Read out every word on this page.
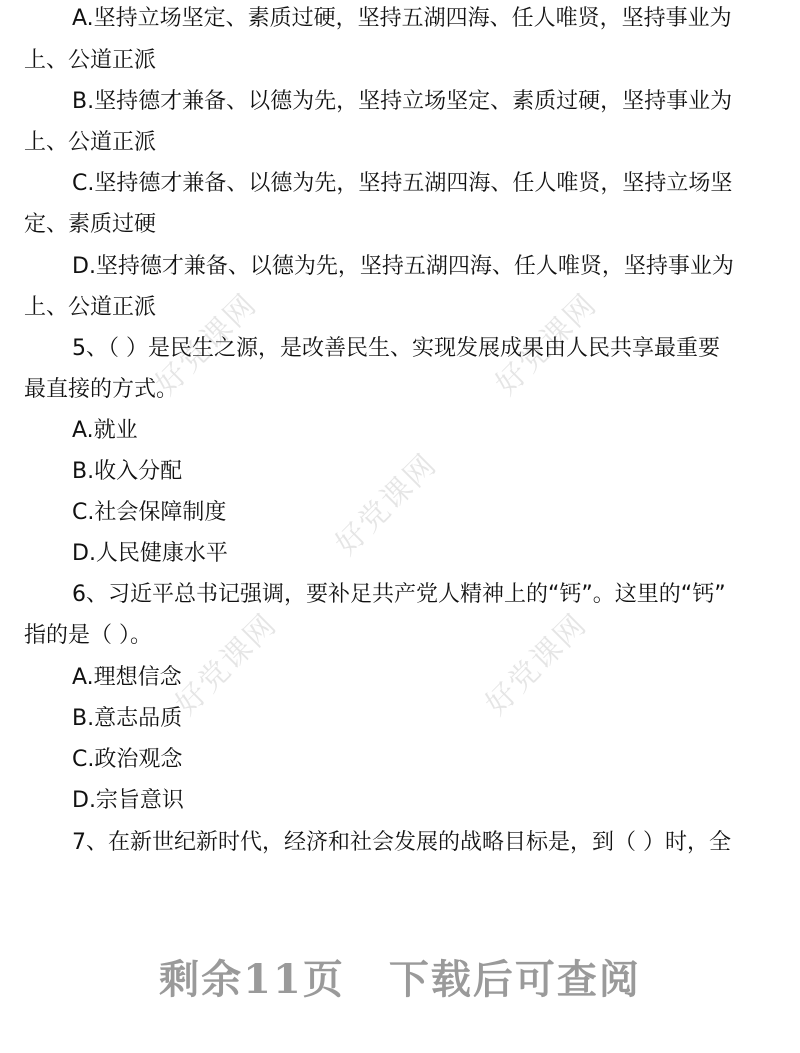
好党课网	好党课网
好党课网
好党课网	好党课网
A.坚持立场坚定、素质过硬，坚持五湖四海、任人唯贤，坚持事业为
上、公道正派
B.坚持德才兼备、以德为先，坚持立场坚定、素质过硬，坚持事业为
上、公道正派
C.坚持德才兼备、以德为先，坚持五湖四海、任人唯贤，坚持立场坚
定、素质过硬
D.坚持德才兼备、以德为先，坚持五湖四海、任人唯贤，坚持事业为
上、公道正派
5、（ ）是民生之源，是改善民生、实现发展成果由人民共享最重要
最直接的方式。
A.就业
B.收入分配
C.社会保障制度
D.人民健康水平
6、习近平总书记强调，要补足共产党人精神上的“钙”。这里的“钙”
指的是（ ）。
A.理想信念
B.意志品质
C.政治观念
D.宗旨意识
7、在新世纪新时代，经济和社会发展的战略目标是，到（ ）时，全
剩余11页 下载后可查阅
